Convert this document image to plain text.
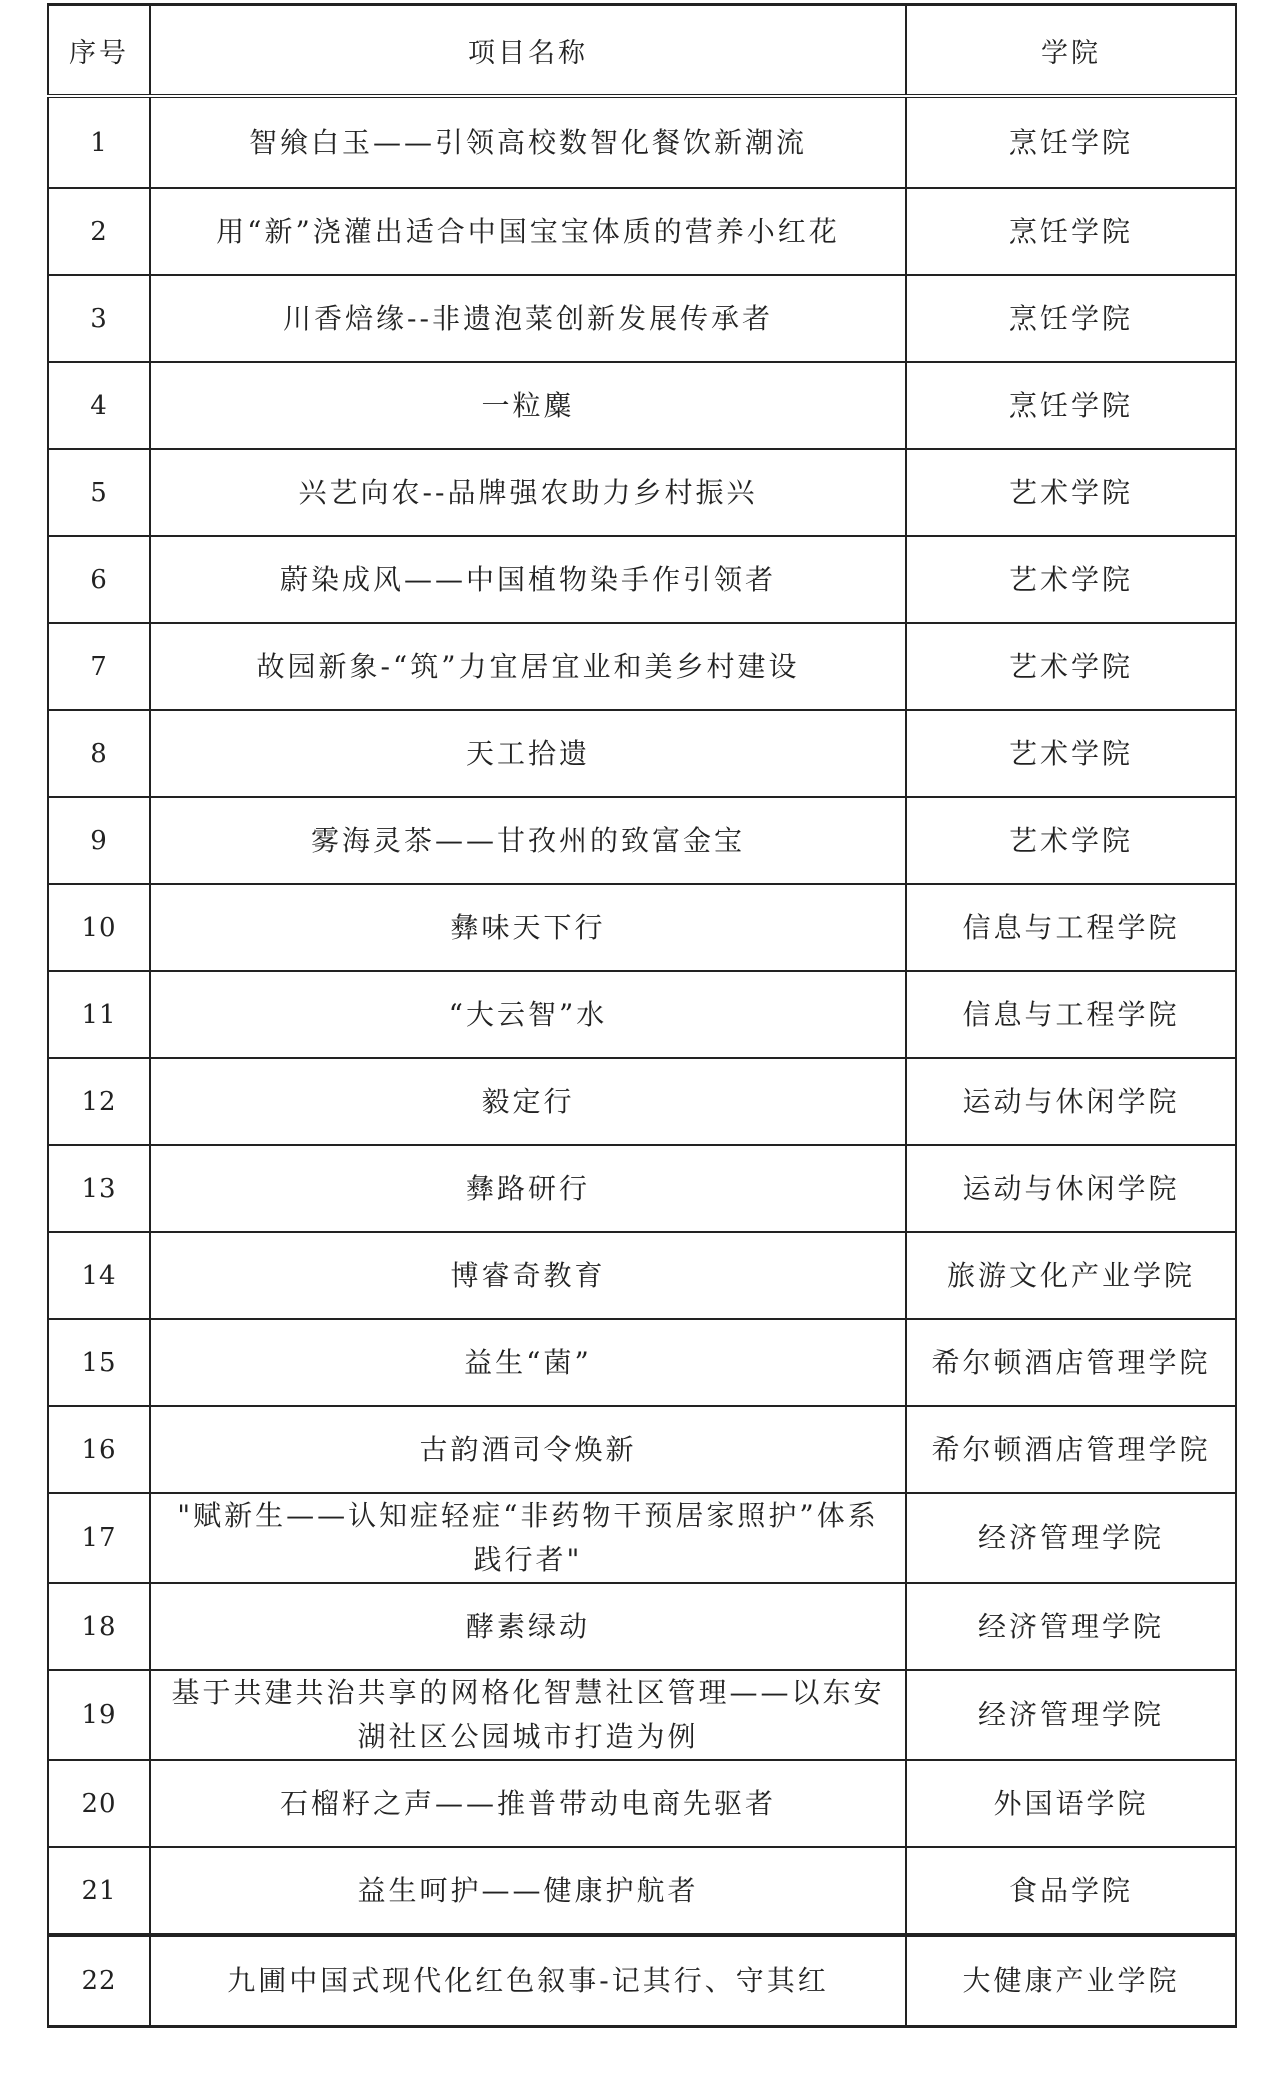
序号	项目名称	学院
1	智飨白玉——引领高校数智化餐饮新潮流	烹饪学院
2	用“新”浇灌出适合中国宝宝体质的营养小红花	烹饪学院
3	川香焙缘--非遗泡菜创新发展传承者	烹饪学院
4	一粒麋	烹饪学院
5	兴艺向农--品牌强农助力乡村振兴	艺术学院
6	蔚染成风——中国植物染手作引领者	艺术学院
7	故园新象-“筑”力宜居宜业和美乡村建设	艺术学院
8	天工拾遗	艺术学院
9	雾海灵茶——甘孜州的致富金宝	艺术学院
10	彝味天下行	信息与工程学院
11	“大云智”水	信息与工程学院
12	毅定行	运动与休闲学院
13	彝路研行	运动与休闲学院
14	博睿奇教育	旅游文化产业学院
15	益生“菌”	希尔顿酒店管理学院
16	古韵酒司令焕新	希尔顿酒店管理学院
17	"赋新生——认知症轻症“非药物干预居家照护”体系践行者"	经济管理学院
18	酵素绿动	经济管理学院
19	基于共建共治共享的网格化智慧社区管理——以东安湖社区公园城市打造为例	经济管理学院
20	石榴籽之声——推普带动电商先驱者	外国语学院
21	益生呵护——健康护航者	食品学院
22	九圃中国式现代化红色叙事-记其行、守其红	大健康产业学院
